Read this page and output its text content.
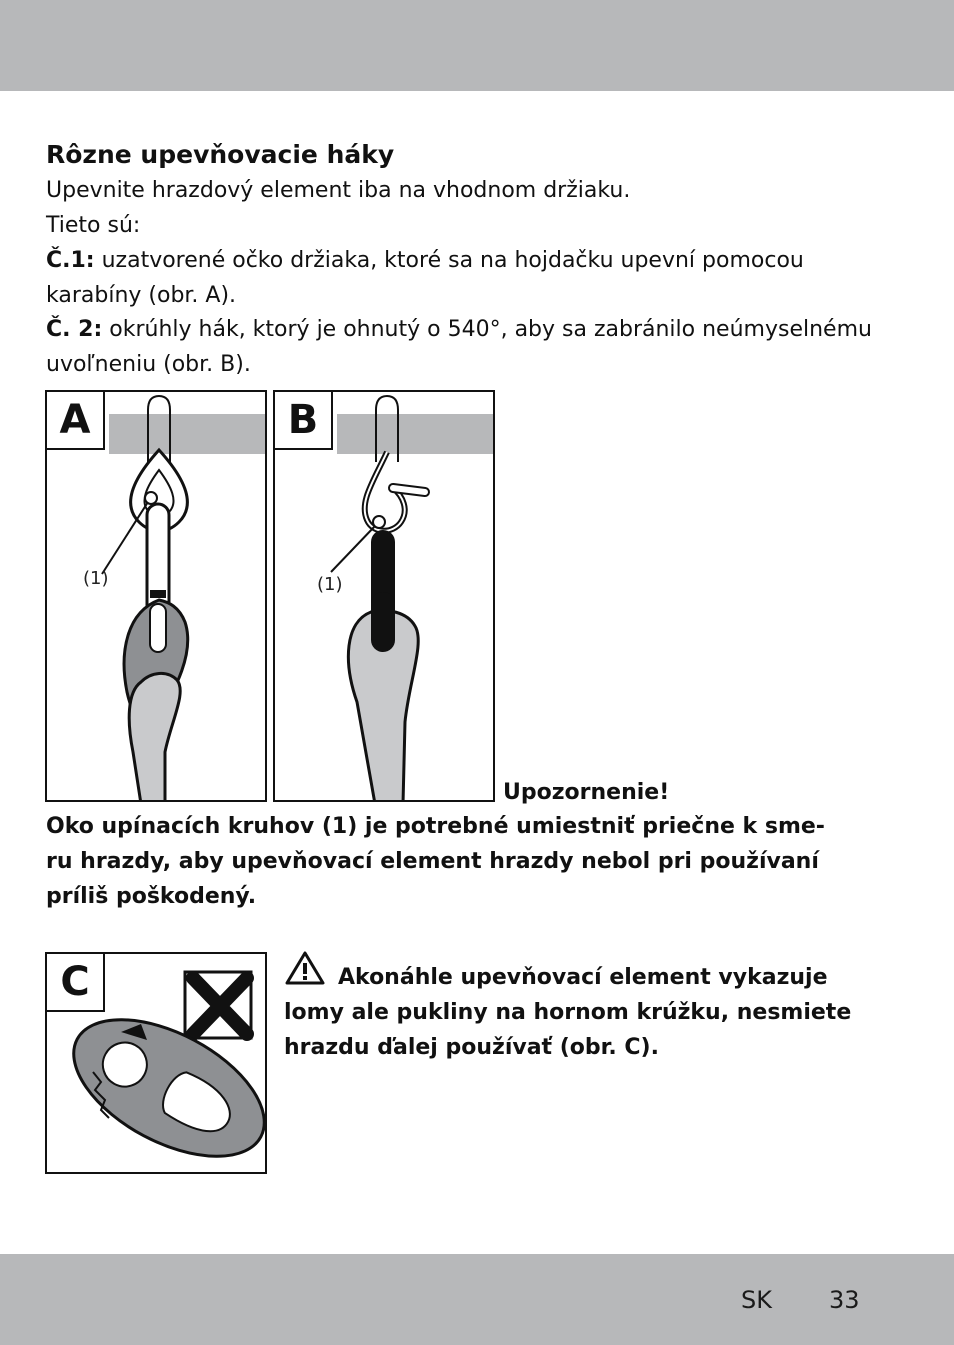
Rôzne upevňovacie háky
Upevnite hrazdový element iba na vhodnom držiaku.
Tieto sú:
Č.1: uzatvorené očko držiaka, ktoré sa na hojdačku upevní pomocou
karabíny (obr. A).
Č. 2: okrúhly hák, ktorý je ohnutý o 540°, aby sa zabránilo neúmyselnému
uvoľneniu (obr. B).
A
(1)
B
(1)
Upozornenie!
Oko upínacích kruhov (1) je potrebné umiestniť priečne k sme-
ru hrazdy, aby upevňovací element hrazdy nebol pri používaní
príliš poškodený.
C	Akonáhle upevňovací element vykazuje
lomy ale pukliny na hornom krúžku, nesmiete
hrazdu ďalej používať (obr. C).
SK 33
